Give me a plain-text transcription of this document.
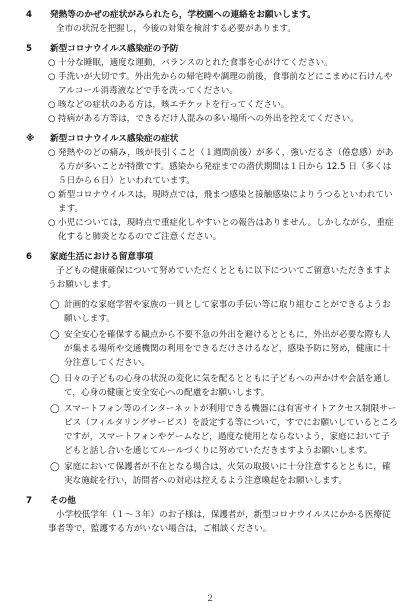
4	発熱等のかぜの症状がみられたら，学校園への連絡をお願いします。
全市の状況を把握し，今後の対策を検討する必要があります。
5	新型コロナウイルス感染症の予防
○ 十分な睡眠，適度な運動，バランスのとれた食事を心がけてください。
○ 手洗いが大切です。外出先からの帰宅時や調理の前後，食事前などにこまめに石けんやアルコール消毒液などで手を洗ってください。
○ 咳などの症状のある方は，咳エチケットを行ってください。
○ 持病がある方等は，できるだけ人混みの多い場所への外出を控えてください。
※	新型コロナウイルス感染症の症状
○ 発熱やのどの痛み，咳が長引くこと（１週間前後）が多く，強いだるさ（倦怠感）がある方が多いことが特徴です。感染から発症までの潜伏期間は１日から 12.5 日（多くは５日から６日）といわれています。
○ 新型コロナウイルスは，現時点では，飛まつ感染と接触感染によりうつるといわれています。
○ 小児については，現時点で重症化しやすいとの報告はありません。しかしながら，重症化すると肺炎となるのでご注意ください。
6	家庭生活における留意事項
子どもの健康確保について努めていただくとともに以下についてご留意いただきますようお願いします。
◯ 計画的な家庭学習や家族の一員として家事の手伝い等に取り組むことができるようお願いします。
◯ 安全安心を確保する観点から不要不急の外出を避けるとともに，外出が必要な際も人が集まる場所や交通機関の利用をできるだけさけるなど，感染予防に努め，健康に十分注意してください。
◯ 日々の子どもの心身の状況の変化に気を配るとともに子どもへの声かけや会話を通して，心身の健康と安全安心への配慮をお願いします。
◯ スマートフォン等のインターネットが利用できる機器には有害サイトアクセス制限サービス（フィルタリングサービス）を設定する等について，すでにお願いしているところですが，スマートフォンやゲームなど，過度な使用とならないよう，家庭において子どもと話し合いを通じてルールづくりに努めていただきますようお願いします。
◯ 家庭において保護者が不在となる場合は，火気の取扱いに十分注意するとともに，確実な施錠を行い，訪問者への対応は控えるよう注意喚起をお願いします。
7	その他
小学校低学年（１～３年）のお子様は，保護者が，新型コロナウイルスにかかる医療従事者等で，監護する方がいない場合は，ご相談ください。
２
